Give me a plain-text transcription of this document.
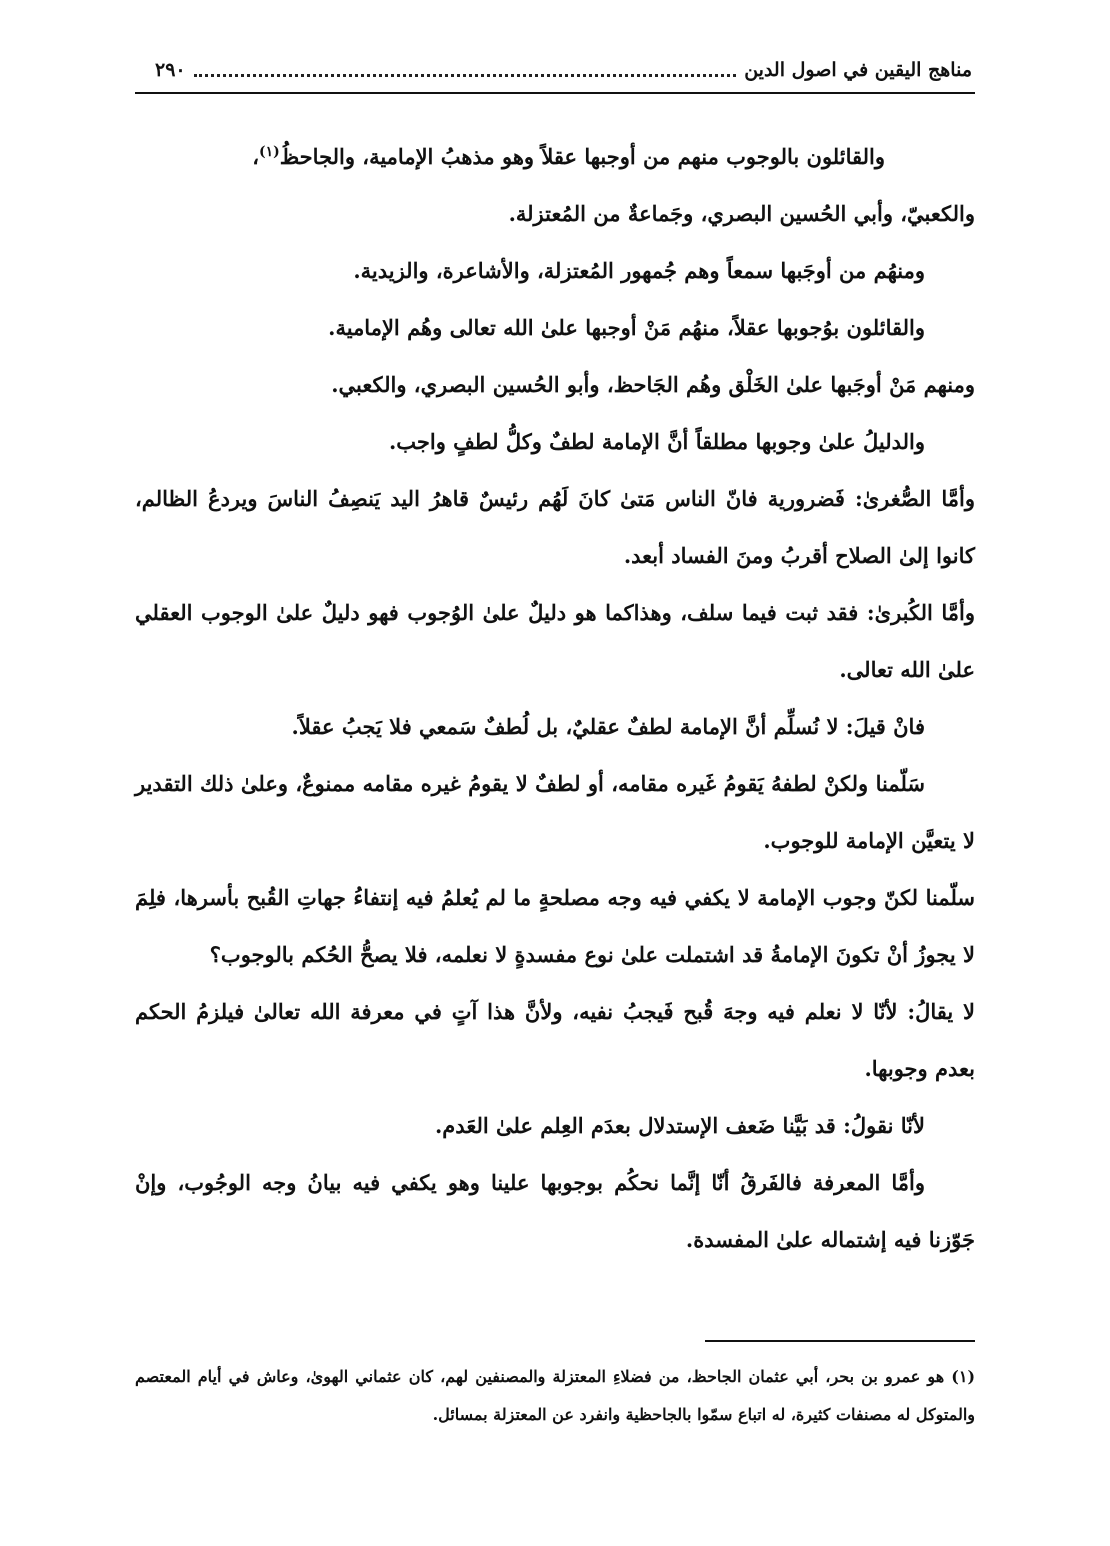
مناهج اليقين في اصول الدين
٢٩٠

والقائلون بالوجوب منهم من أوجبها عقلاً وهو مذهبُ الإمامية، والجاحظُ$^{(١)}$،

والكعبيّ، وأبي الحُسين البصري، وجَماعةٌ من المُعتزلة.

ومنهُم من أوجَبها سمعاً وهم جُمهور المُعتزلة، والأشاعرة، والزيدية.

والقائلون بوُجوبها عقلاً، منهُم مَنْ أوجبها علىٰ الله تعالى وهُم الإمامية.

ومنهم مَنْ أوجَبها علىٰ الخَلْق وهُم الجَاحظ، وأبو الحُسين البصري، والكعبي.

والدليلُ علىٰ وجوبها مطلقاً أنَّ الإمامة لطفٌ وكلُّ لطفٍ واجب.

وأمَّا الصُّغرىٰ: فَضرورية فانّ الناس مَتىٰ كانَ لَهُم رئيسٌ قاهرُ اليد يَنصِفُ الناسَ ويردعُ الظالم، كانوا إلىٰ الصلاح أقربُ ومنَ الفساد أبعد.

وأمَّا الكُبرىٰ: فقد ثبت فيما سلف، وهذاكما هو دليلٌ علىٰ الوُجوب فهو دليلٌ علىٰ الوجوب العقلي علىٰ الله تعالى.

فانْ قيلَ: لا نُسلِّم أنَّ الإمامة لطفٌ عقليٌ، بل لُطفٌ سَمعي فلا يَجبُ عقلاً.

سَلّمنا ولكنْ لطفهُ يَقومُ غَيره مقامه، أو لطفٌ لا يقومُ غيره مقامه ممنوعٌ، وعلىٰ ذلك التقدير لا يتعيَّن الإمامة للوجوب.

سلّمنا لكنّ وجوب الإمامة لا يكفي فيه وجه مصلحةٍ ما لم يُعلمُ فيه إنتفاءُ جهاتِ القُبح بأسرها، فلِمَ لا يجوزُ أنْ تكونَ الإمامةُ قد اشتملت علىٰ نوع مفسدةٍ لا نعلمه، فلا يصحُّ الحُكم بالوجوب؟

لا يقالُ: لأنّا لا نعلم فيه وجهَ قُبح فَيجبُ نفيه، ولأنَّ هذا آتٍ في معرفة الله تعالىٰ فيلزمُ الحكم بعدم وجوبها.

لأنّا نقولُ: قد بَيَّنا ضَعف الإستدلال بعدَم العِلم علىٰ العَدم.

وأمَّا المعرفة فالفَرقُ أنّا إنَّما نحكُم بوجوبها علينا وهو يكفي فيه بيانُ وجه الوجُوب، وإنْ جَوّزنا فيه إشتماله علىٰ المفسدة.

(١) هو عمرو بن بحر، أبي عثمان الجاحظ، من فضلاءِ المعتزلة والمصنفين لهم، كان عثماني الهوىٰ، وعاش في أيام المعتصم والمتوكل له مصنفات كثيرة، له اتباع سمّوا بالجاحظية وانفرد عن المعتزلة بمسائل.
